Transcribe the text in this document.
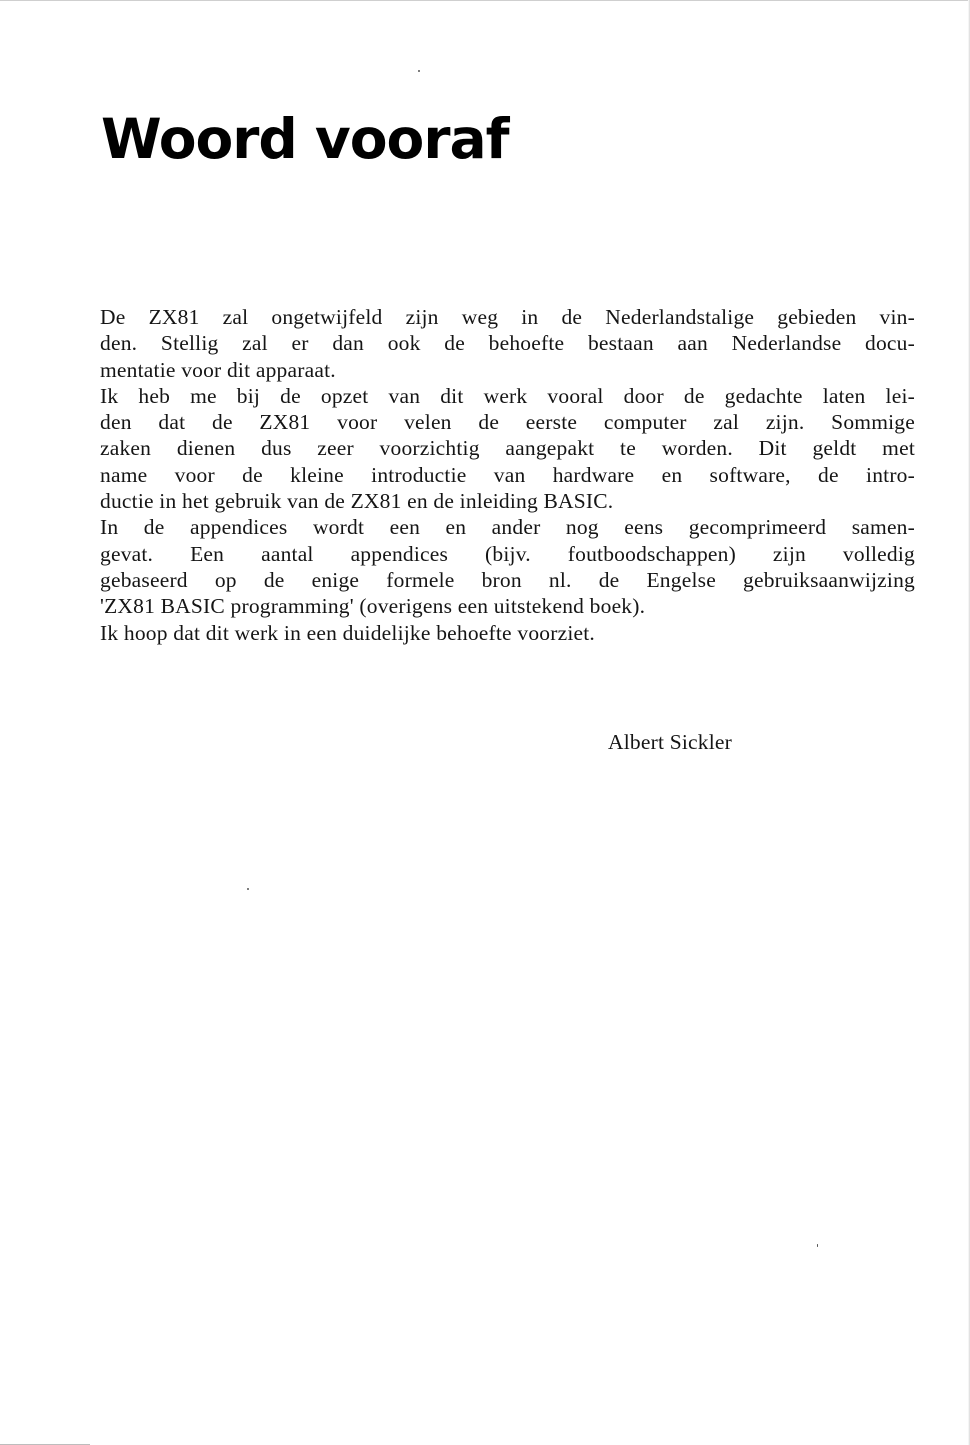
Woord vooraf
De ZX81 zal ongetwijfeld zijn weg in de Nederlandstalige gebieden vin-
den. Stellig zal er dan ook de behoefte bestaan aan Nederlandse docu-
mentatie voor dit apparaat.
Ik heb me bij de opzet van dit werk vooral door de gedachte laten lei-
den dat de ZX81 voor velen de eerste computer zal zijn. Sommige
zaken dienen dus zeer voorzichtig aangepakt te worden. Dit geldt met
name voor de kleine introductie van hardware en software, de intro-
ductie in het gebruik van de ZX81 en de inleiding BASIC.
In de appendices wordt een en ander nog eens gecomprimeerd samen-
gevat. Een aantal appendices (bijv. foutboodschappen) zijn volledig
gebaseerd op de enige formele bron nl. de Engelse gebruiksaanwijzing
'ZX81 BASIC programming' (overigens een uitstekend boek).
Ik hoop dat dit werk in een duidelijke behoefte voorziet.

Albert Sickler
